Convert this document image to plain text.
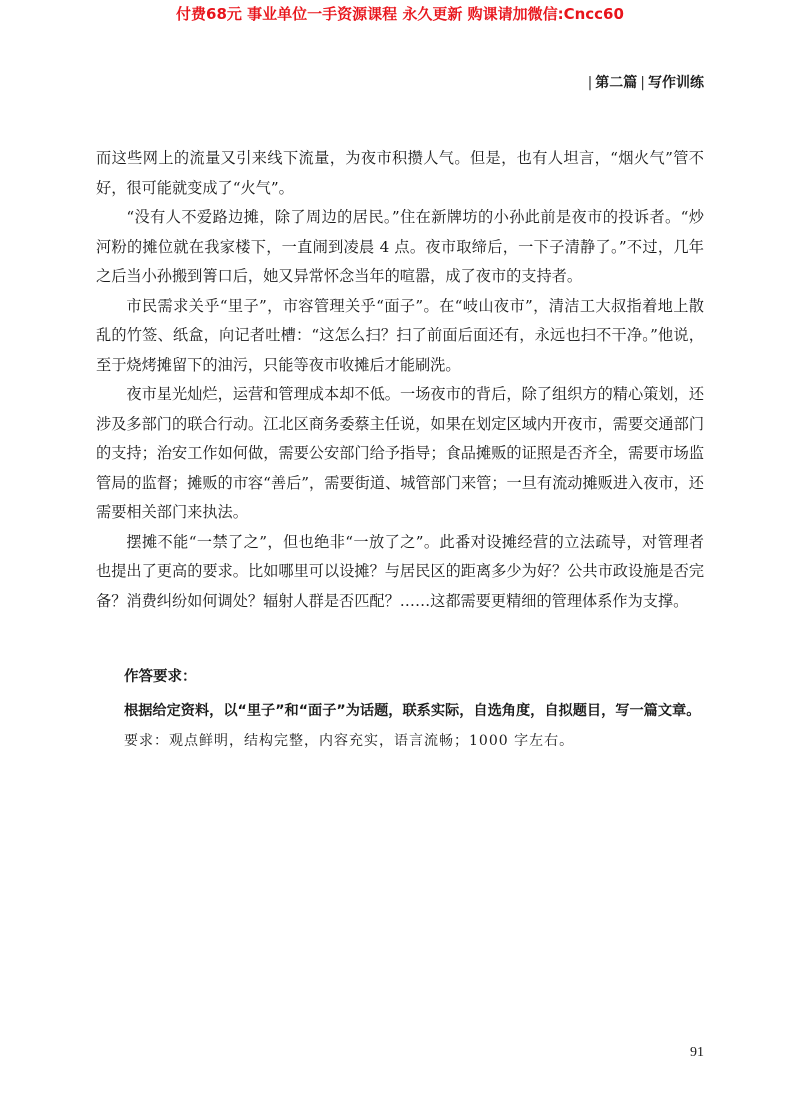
付费68元 事业单位一手资源课程 永久更新 购课请加微信:Cncc60
| 第二篇 | 写作训练

而这些网上的流量又引来线下流量，为夜市积攒人气。但是，也有人坦言，“烟火气”管不好，很可能就变成了“火气”。

“没有人不爱路边摊，除了周边的居民。”住在新牌坊的小孙此前是夜市的投诉者。“炒河粉的摊位就在我家楼下，一直闹到凌晨 4 点。夜市取缔后，一下子清静了。”不过，几年之后当小孙搬到箐口后，她又异常怀念当年的喧嚣，成了夜市的支持者。

市民需求关乎“里子”，市容管理关乎“面子”。在“岐山夜市”，清洁工大叔指着地上散乱的竹签、纸盒，向记者吐槽：“这怎么扫？扫了前面后面还有，永远也扫不干净。”他说，至于烧烤摊留下的油污，只能等夜市收摊后才能刷洗。

夜市星光灿烂，运营和管理成本却不低。一场夜市的背后，除了组织方的精心策划，还涉及多部门的联合行动。江北区商务委蔡主任说，如果在划定区域内开夜市，需要交通部门的支持；治安工作如何做，需要公安部门给予指导；食品摊贩的证照是否齐全，需要市场监管局的监督；摊贩的市容“善后”，需要街道、城管部门来管；一旦有流动摊贩进入夜市，还需要相关部门来执法。

摆摊不能“一禁了之”，但也绝非“一放了之”。此番对设摊经营的立法疏导，对管理者也提出了更高的要求。比如哪里可以设摊？与居民区的距离多少为好？公共市政设施是否完备？消费纠纷如何调处？辐射人群是否匹配？……这都需要更精细的管理体系作为支撑。

作答要求：

根据给定资料，以“里子”和“面子”为话题，联系实际，自选角度，自拟题目，写一篇文章。

要求：观点鲜明，结构完整，内容充实，语言流畅；1000 字左右。

91
